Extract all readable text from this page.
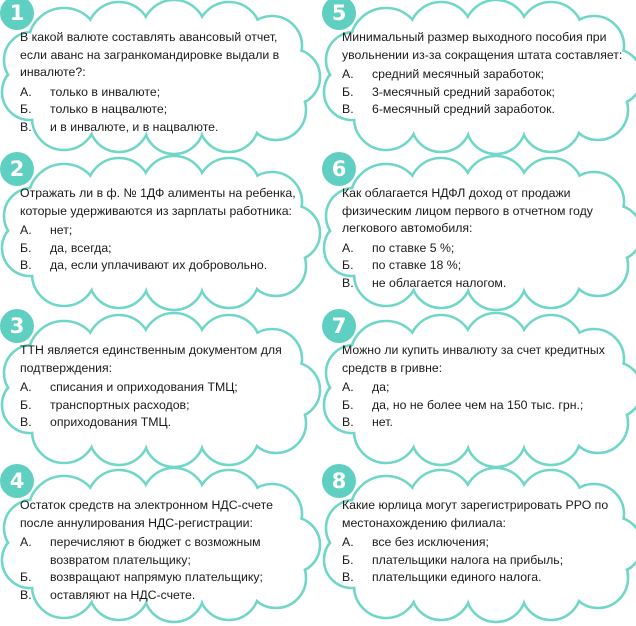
1
В какой валюте составлять авансовый отчет, если аванс на загранкомандировке выдали в инвалюте?:
А.	только в инвалюте;
Б.	только в нацвалюте;
В.	и в инвалюте, и в нацвалюте.
5
Минимальный размер выходного пособия при увольнении из-за сокращения штата составляет:
А.	средний месячный заработок;
Б.	3-месячный средний заработок;
В.	6-месячный средний заработок.
2
Отражать ли в ф. № 1ДФ алименты на ребенка, которые удерживаются из зарплаты работника:
А.	нет;
Б.	да, всегда;
В.	да, если уплачивают их добровольно.
6
Как облагается НДФЛ доход от продажи физическим лицом первого в отчетном году легкового автомобиля:
А.	по ставке 5 %;
Б.	по ставке 18 %;
В.	не облагается налогом.
3
ТТН является единственным документом для подтверждения:
А.	списания и оприходования ТМЦ;
Б.	транспортных расходов;
В.	оприходования ТМЦ.
7
Можно ли купить инвалюту за счет кредитных средств в гривне:
А.	да;
Б.	да, но не более чем на 150 тыс. грн.;
В.	нет.
4
Остаток средств на электронном НДС-счете после аннулирования НДС-регистрации:
А.	перечисляют в бюджет с возможным возвратом плательщику;
Б.	возвращают напрямую плательщику;
В.	оставляют на НДС-счете.
8
Какие юрлица могут зарегистрировать РРО по местонахождению филиала:
А.	все без исключения;
Б.	плательщики налога на прибыль;
В.	плательщики единого налога.
